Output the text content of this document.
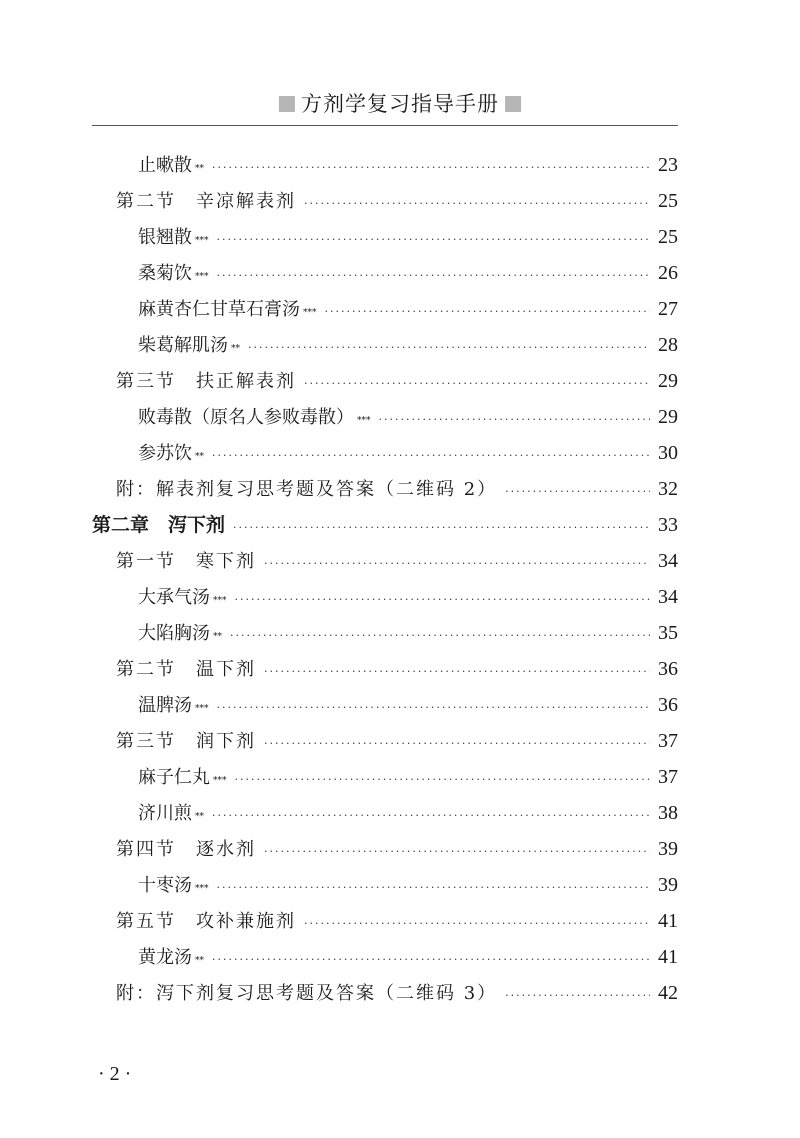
方剂学复习指导手册
止嗽散 ** ·····	23
第二节　辛凉解表剂 ·····	25
银翘散 *** ·····	25
桑菊饮 *** ·····	26
麻黄杏仁甘草石膏汤 *** ·····	27
柴葛解肌汤 ** ·····	28
第三节　扶正解表剂 ·····	29
败毒散（原名人参败毒散） *** ·····	29
参苏饮 ** ·····	30
附：解表剂复习思考题及答案（二维码 2） ·····	32
第二章　泻下剂 ·····	33
第一节　寒下剂 ·····	34
大承气汤 *** ·····	34
大陷胸汤 ** ·····	35
第二节　温下剂 ·····	36
温脾汤 *** ·····	36
第三节　润下剂 ·····	37
麻子仁丸 *** ·····	37
济川煎 ** ·····	38
第四节　逐水剂 ·····	39
十枣汤 *** ·····	39
第五节　攻补兼施剂 ·····	41
黄龙汤 ** ·····	41
附：泻下剂复习思考题及答案（二维码 3） ·····	42
· 2 ·
